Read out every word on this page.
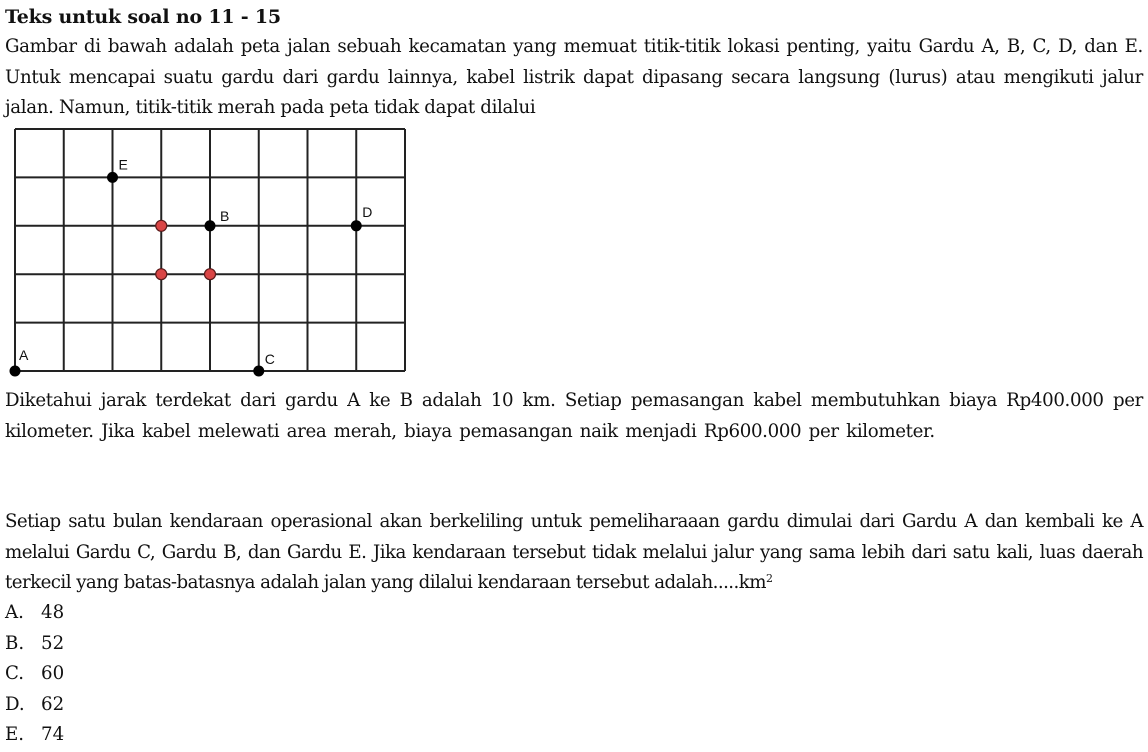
Teks untuk soal no 11 - 15
Gambar di bawah adalah peta jalan sebuah kecamatan yang memuat titik-titik lokasi penting, yaitu Gardu A, B, C, D, dan E. Untuk mencapai suatu gardu dari gardu lainnya, kabel listrik dapat dipasang secara langsung (lurus) atau mengikuti jalur jalan. Namun, titik-titik merah pada peta tidak dapat dilalui
E
B	D
A	C
Diketahui jarak terdekat dari gardu A ke B adalah 10 km. Setiap pemasangan kabel membutuhkan biaya Rp400.000 per kilometer. Jika kabel melewati area merah, biaya pemasangan naik menjadi Rp600.000 per kilometer.
Setiap satu bulan kendaraan operasional akan berkeliling untuk pemeliharaaan gardu dimulai dari Gardu A dan kembali ke A melalui Gardu C, Gardu B, dan Gardu E. Jika kendaraan tersebut tidak melalui jalur yang sama lebih dari satu kali, luas daerah terkecil yang batas-batasnya adalah jalan yang dilalui kendaraan tersebut $adalah.....km^2$
A. 48
B. 52
C. 60
D. 62
E. 74
